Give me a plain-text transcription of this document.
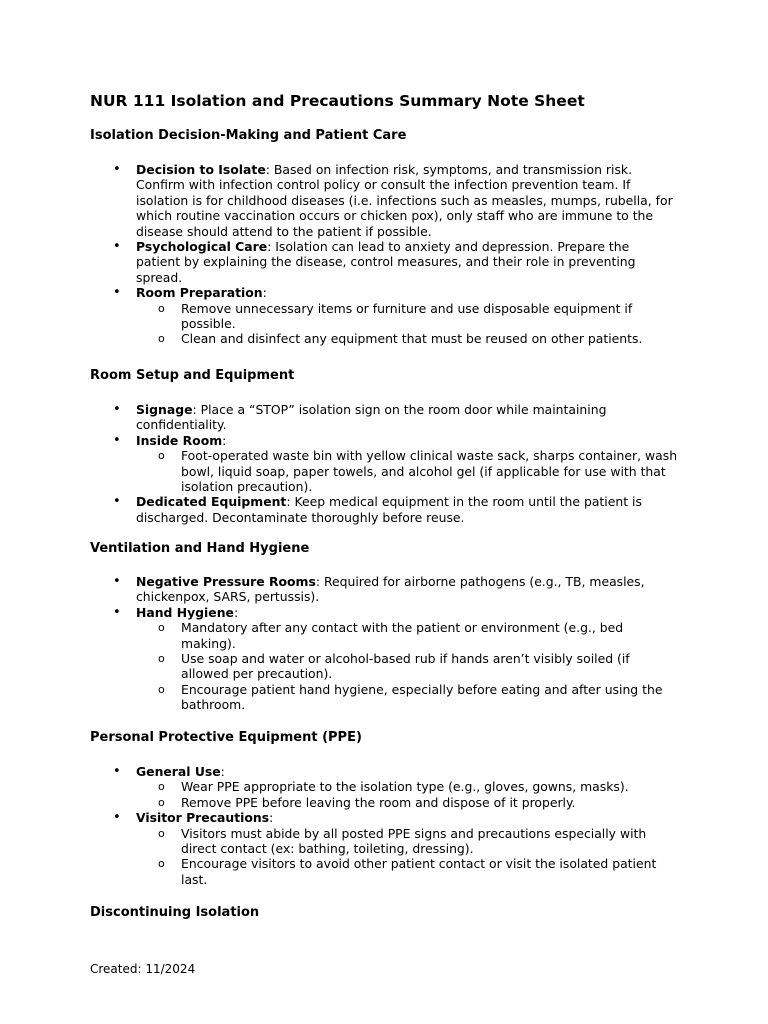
NUR 111 Isolation and Precautions Summary Note Sheet
Isolation Decision-Making and Patient Care
• Decision to Isolate: Based on infection risk, symptoms, and transmission risk. Confirm with infection control policy or consult the infection prevention team. If isolation is for childhood diseases (i.e. infections such as measles, mumps, rubella, for which routine vaccination occurs or chicken pox), only staff who are immune to the disease should attend to the patient if possible.
• Psychological Care: Isolation can lead to anxiety and depression. Prepare the patient by explaining the disease, control measures, and their role in preventing spread.
• Room Preparation:
o Remove unnecessary items or furniture and use disposable equipment if possible.
o Clean and disinfect any equipment that must be reused on other patients.
Room Setup and Equipment
• Signage: Place a “STOP” isolation sign on the room door while maintaining confidentiality.
• Inside Room:
o Foot-operated waste bin with yellow clinical waste sack, sharps container, wash bowl, liquid soap, paper towels, and alcohol gel (if applicable for use with that isolation precaution).
• Dedicated Equipment: Keep medical equipment in the room until the patient is discharged. Decontaminate thoroughly before reuse.
Ventilation and Hand Hygiene
• Negative Pressure Rooms: Required for airborne pathogens (e.g., TB, measles, chickenpox, SARS, pertussis).
• Hand Hygiene:
o Mandatory after any contact with the patient or environment (e.g., bed making).
o Use soap and water or alcohol-based rub if hands aren’t visibly soiled (if allowed per precaution).
o Encourage patient hand hygiene, especially before eating and after using the bathroom.
Personal Protective Equipment (PPE)
• General Use:
o Wear PPE appropriate to the isolation type (e.g., gloves, gowns, masks).
o Remove PPE before leaving the room and dispose of it properly.
• Visitor Precautions:
o Visitors must abide by all posted PPE signs and precautions especially with direct contact (ex: bathing, toileting, dressing).
o Encourage visitors to avoid other patient contact or visit the isolated patient last.
Discontinuing Isolation

Created: 11/2024
